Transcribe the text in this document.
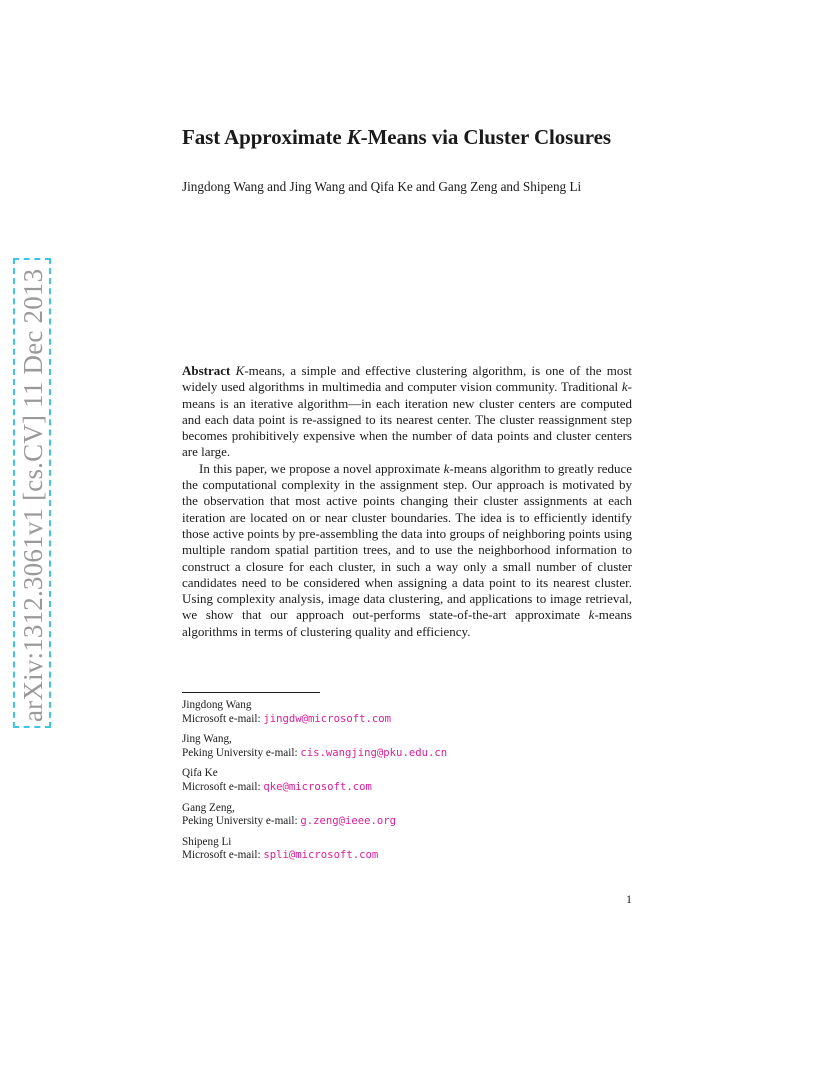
arXiv:1312.3061v1 [cs.CV] 11 Dec 2013
Fast Approximate K-Means via Cluster Closures
Jingdong Wang and Jing Wang and Qifa Ke and Gang Zeng and Shipeng Li

Abstract K-means, a simple and effective clustering algorithm, is one of the most widely used algorithms in multimedia and computer vision community. Traditional k-means is an iterative algorithm—in each iteration new cluster centers are computed and each data point is re-assigned to its nearest center. The cluster reassignment step becomes prohibitively expensive when the number of data points and cluster centers are large.

In this paper, we propose a novel approximate k-means algorithm to greatly reduce the computational complexity in the assignment step. Our approach is motivated by the observation that most active points changing their cluster assignments at each iteration are located on or near cluster boundaries. The idea is to efficiently identify those active points by pre-assembling the data into groups of neighboring points using multiple random spatial partition trees, and to use the neighborhood information to construct a closure for each cluster, in such a way only a small number of cluster candidates need to be considered when assigning a data point to its nearest cluster. Using complexity analysis, image data clustering, and applications to image retrieval, we show that our approach out-performs state-of-the-art approximate k-means algorithms in terms of clustering quality and efficiency.

Jingdong Wang
Microsoft e-mail: jingdw@microsoft.com
Jing Wang,
Peking University e-mail: cis.wangjing@pku.edu.cn
Qifa Ke
Microsoft e-mail: qke@microsoft.com
Gang Zeng,
Peking University e-mail: g.zeng@ieee.org
Shipeng Li
Microsoft e-mail: spli@microsoft.com
1
